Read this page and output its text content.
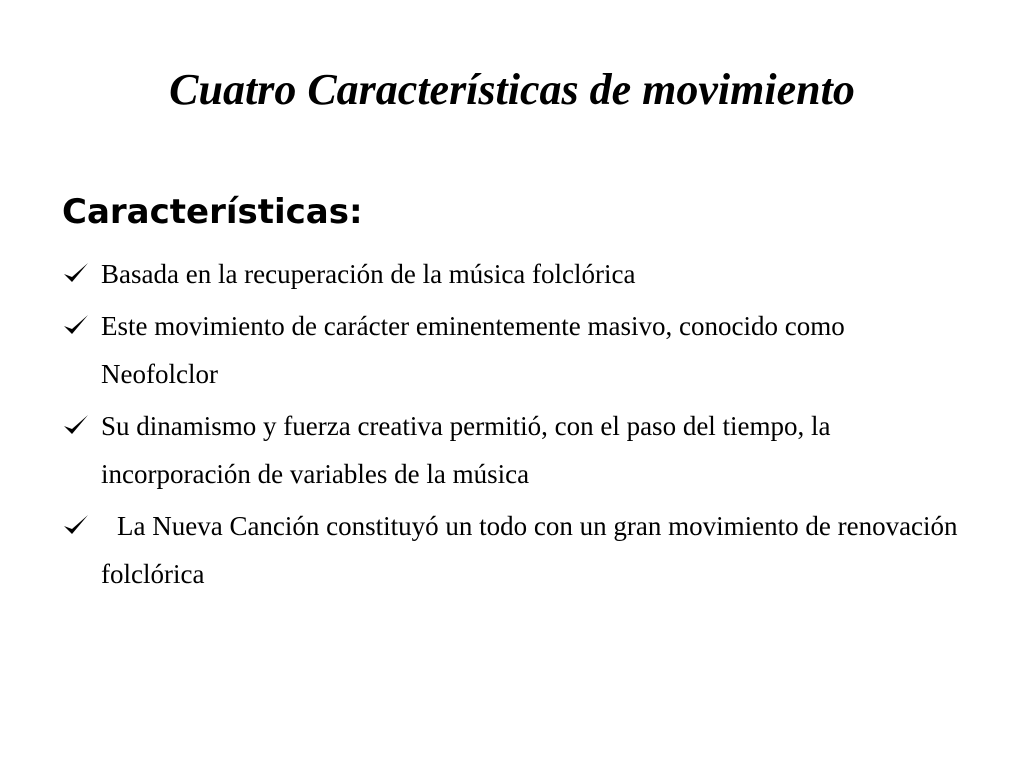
Cuatro Características de movimiento
Características:
Basada en la recuperación de la música folclórica
Este movimiento de carácter eminentemente masivo, conocido como Neofolclor
Su dinamismo y fuerza creativa permitió, con el paso del tiempo, la incorporación de variables de la música
La Nueva Canción constituyó un todo con un gran movimiento de renovación folclórica
